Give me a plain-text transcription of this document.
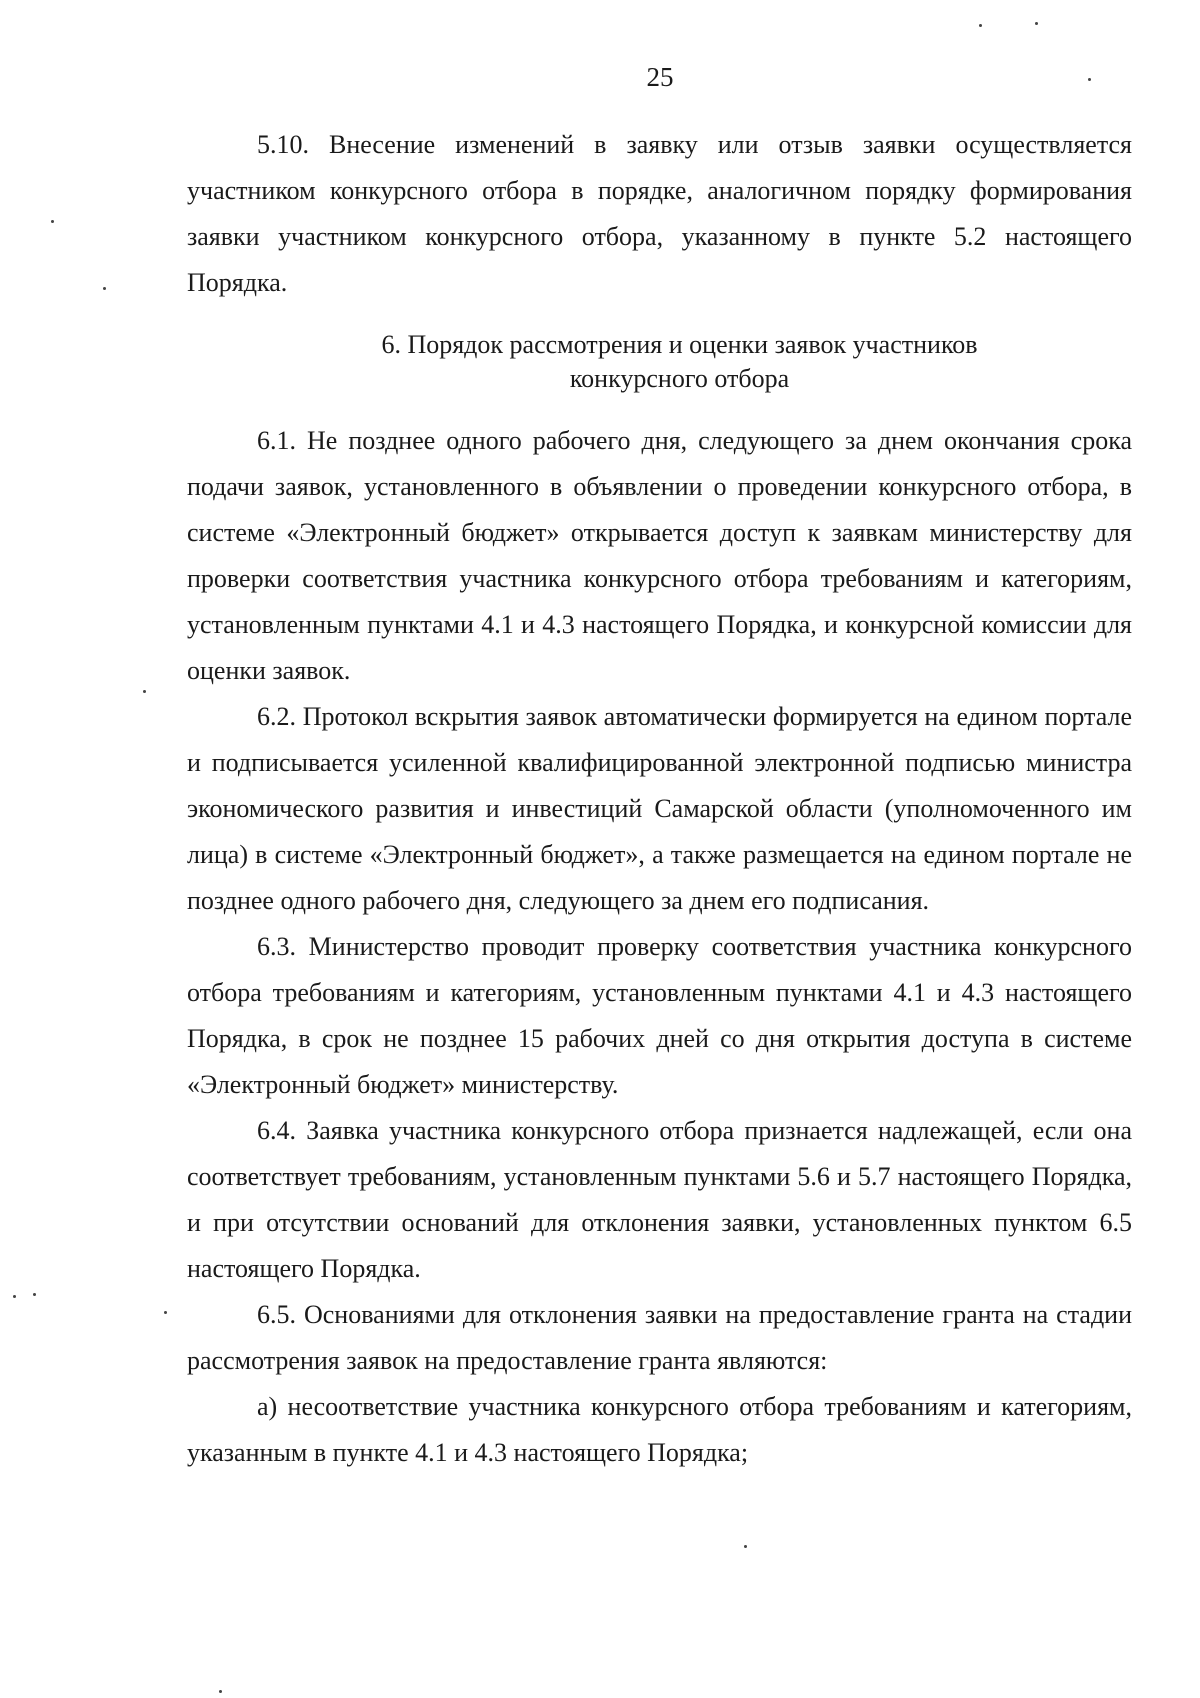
25

5.10. Внесение изменений в заявку или отзыв заявки осуществляется участником конкурсного отбора в порядке, аналогичном порядку формирования заявки участником конкурсного отбора, указанному в пункте 5.2 настоящего Порядка.

6. Порядок рассмотрения и оценки заявок участников
конкурсного отбора

6.1. Не позднее одного рабочего дня, следующего за днем окончания срока подачи заявок, установленного в объявлении о проведении конкурсного отбора, в системе «Электронный бюджет» открывается доступ к заявкам министерству для проверки соответствия участника конкурсного отбора требованиям и категориям, установленным пунктами 4.1 и 4.3 настоящего Порядка, и конкурсной комиссии для оценки заявок.

6.2. Протокол вскрытия заявок автоматически формируется на едином портале и подписывается усиленной квалифицированной электронной подписью министра экономического развития и инвестиций Самарской области (уполномоченного им лица) в системе «Электронный бюджет», а также размещается на едином портале не позднее одного рабочего дня, следующего за днем его подписания.

6.3. Министерство проводит проверку соответствия участника конкурсного отбора требованиям и категориям, установленным пунктами 4.1 и 4.3 настоящего Порядка, в срок не позднее 15 рабочих дней со дня открытия доступа в системе «Электронный бюджет» министерству.

6.4. Заявка участника конкурсного отбора признается надлежащей, если она соответствует требованиям, установленным пунктами 5.6 и 5.7 настоящего Порядка, и при отсутствии оснований для отклонения заявки, установленных пунктом 6.5 настоящего Порядка.

6.5. Основаниями для отклонения заявки на предоставление гранта на стадии рассмотрения заявок на предоставление гранта являются:

а) несоответствие участника конкурсного отбора требованиям и категориям, указанным в пункте 4.1 и 4.3 настоящего Порядка;
